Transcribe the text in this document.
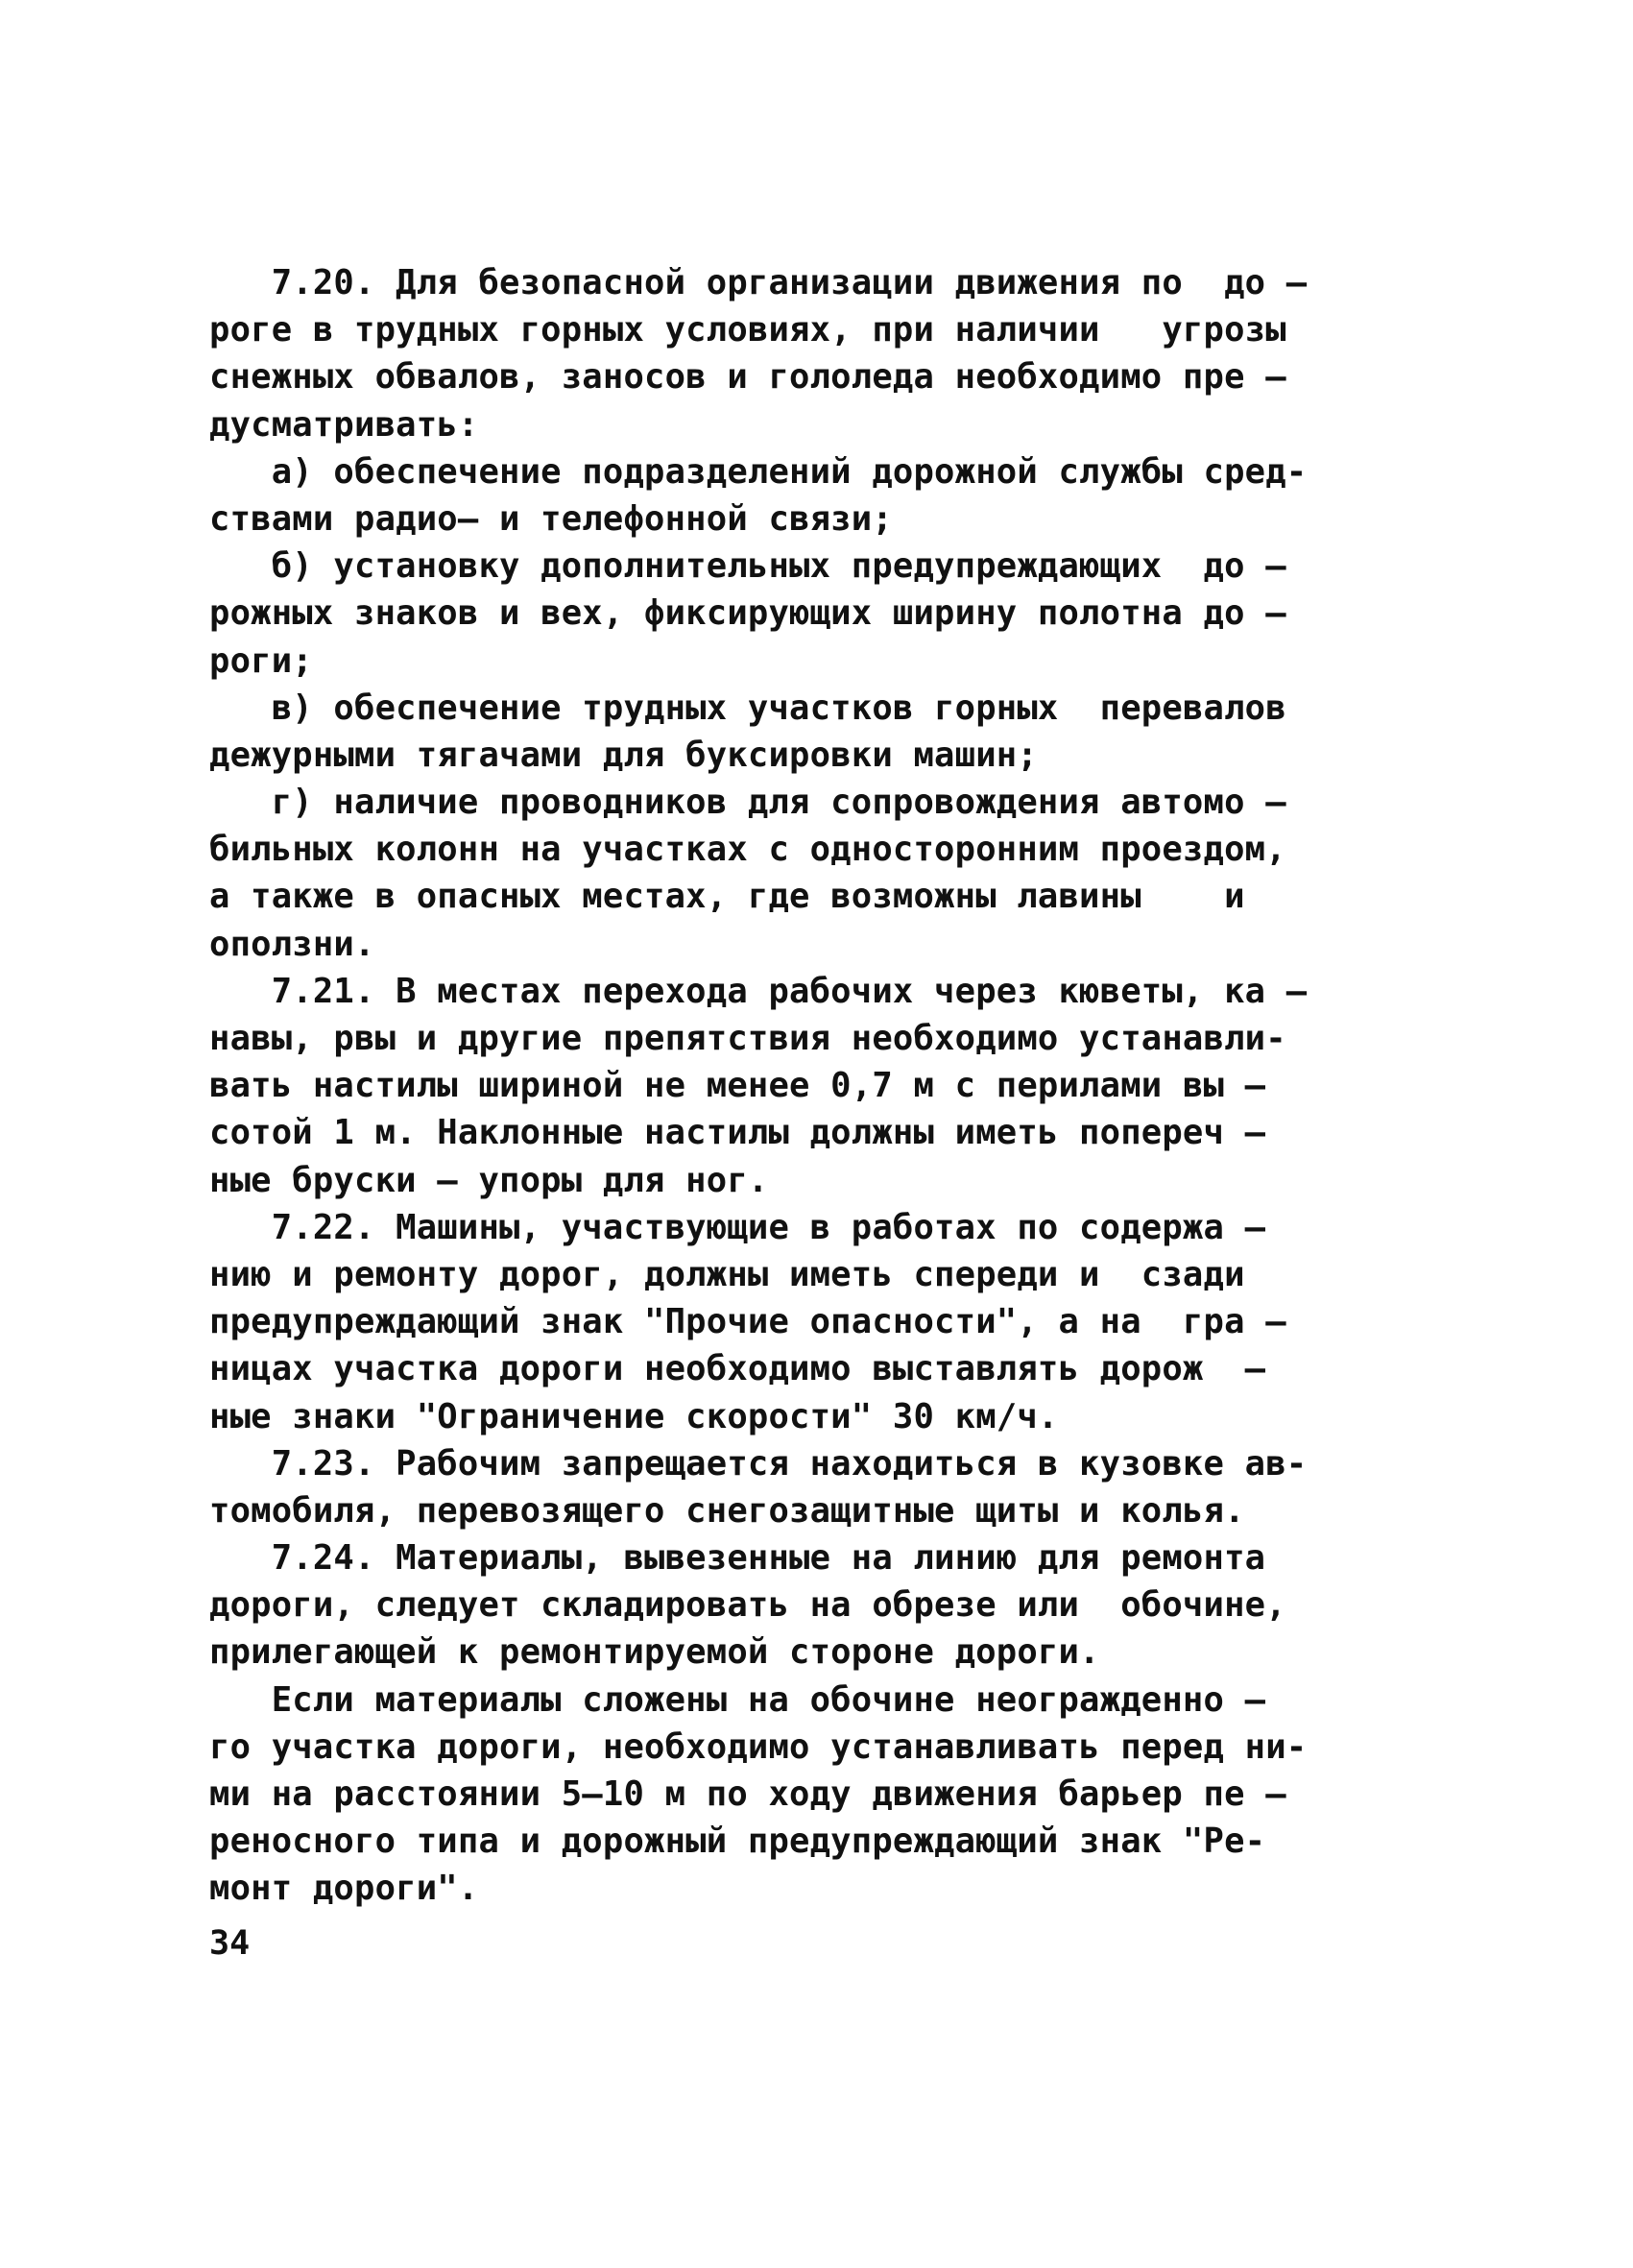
7.20. Для безопасной организации движения по  до –
роге в трудных горных условиях, при наличии   угрозы
снежных обвалов, заносов и гололеда необходимо пре –
дусматривать:
а) обеспечение подразделений дорожной службы сред-
ствами радио– и телефонной связи;
б) установку дополнительных предупреждающих  до –
рожных знаков и вех, фиксирующих ширину полотна до –
роги;
в) обеспечение трудных участков горных  перевалов
дежурными тягачами для буксировки машин;
г) наличие проводников для сопровождения автомо –
бильных колонн на участках с односторонним проездом,
а также в опасных местах, где возможны лавины    и
оползни.
7.21. В местах перехода рабочих через кюветы, ка –
навы, рвы и другие препятствия необходимо устанавли-
вать настилы шириной не менее 0,7 м с перилами вы –
сотой 1 м. Наклонные настилы должны иметь попереч –
ные бруски – упоры для ног.
7.22. Машины, участвующие в работах по содержа –
нию и ремонту дорог, должны иметь спереди и  сзади
предупреждающий знак "Прочие опасности", а на  гра –
ницах участка дороги необходимо выставлять дорож  –
ные знаки "Ограничение скорости" 30 км/ч.
7.23. Рабочим запрещается находиться в кузовке ав-
томобиля, перевозящего снегозащитные щиты и колья.
7.24. Материалы, вывезенные на линию для ремонта
дороги, следует складировать на обрезе или  обочине,
прилегающей к ремонтируемой стороне дороги.
Если материалы сложены на обочине неогражденно –
го участка дороги, необходимо устанавливать перед ни-
ми на расстоянии 5–10 м по ходу движения барьер пе –
реносного типа и дорожный предупреждающий знак "Ре-
монт дороги".
34
